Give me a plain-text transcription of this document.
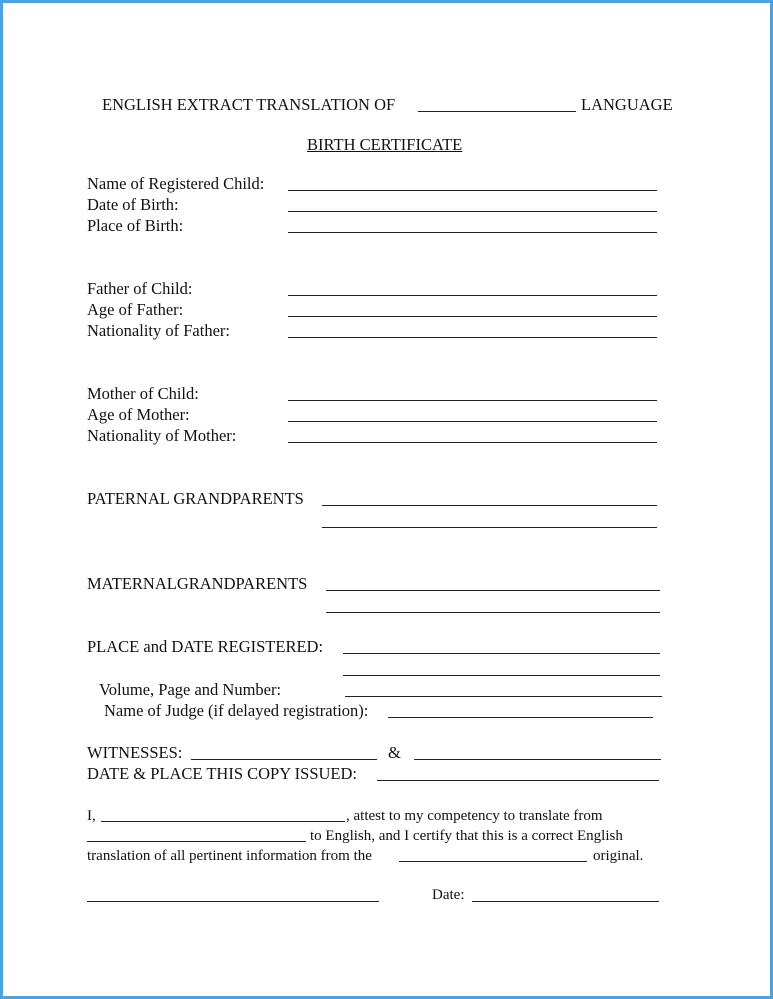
ENGLISH EXTRACT TRANSLATION OF	LANGUAGE
BIRTH CERTIFICATE
Name of Registered Child:
Date of Birth:
Place of Birth:
Father of Child:
Age of Father:
Nationality of Father:
Mother of Child:
Age of Mother:
Nationality of Mother:
PATERNAL GRANDPARENTS
MATERNALGRANDPARENTS
PLACE and DATE REGISTERED:
Volume, Page and Number:
Name of Judge (if delayed registration):
WITNESSES:	&
DATE & PLACE THIS COPY ISSUED:
I,	, attest to my competency to translate from
to English, and I certify that this is a correct English
translation of all pertinent information from the	original.
Date:
